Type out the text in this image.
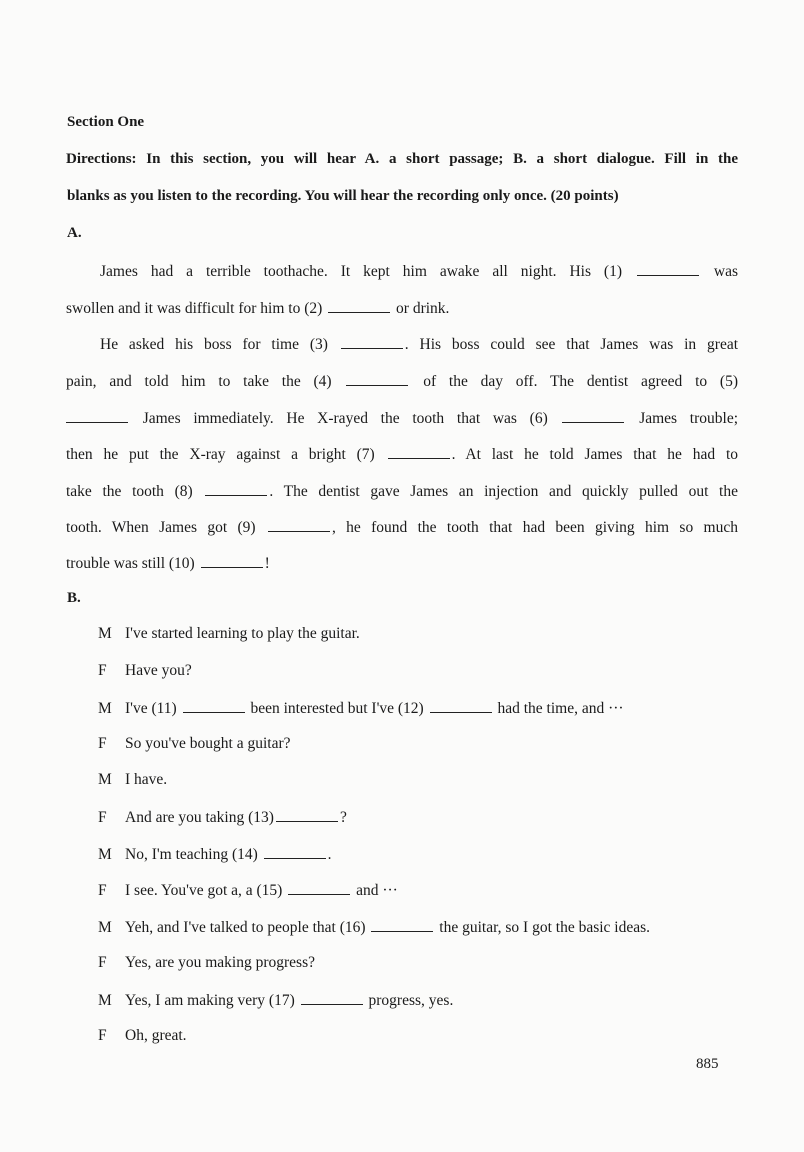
Section One
Directions: In this section, you will hear A. a short passage; B. a short dialogue. Fill in the
blanks as you listen to the recording. You will hear the recording only once. (20 points)
A.
James had a terrible toothache. It kept him awake all night. His (1)	was
swollen and it was difficult for him to (2)	or drink.
He asked his boss for time (3)	. His boss could see that James was in great
pain, and told him to take the (4)	of the day off. The dentist agreed to (5)
James immediately. He X-rayed the tooth that was (6)	James trouble;
then he put the X-ray against a bright (7)	. At last he told James that he had to
take the tooth (8)	. The dentist gave James an injection and quickly pulled out the
tooth. When James got (9)	, he found the tooth that had been giving him so much
trouble was still (10)	!
B.
M I've started learning to play the guitar.
F Have you?
M I've (11)	been interested but I've (12)	had the time, and ···
F So you've bought a guitar?
M I have.
F And are you taking (13)	?
M No, I'm teaching (14)	.
F I see. You've got a, a (15)	and ···
M Yeh, and I've talked to people that (16)	the guitar, so I got the basic ideas.
F Yes, are you making progress?
M Yes, I am making very (17)	progress, yes.
F Oh, great.
885
